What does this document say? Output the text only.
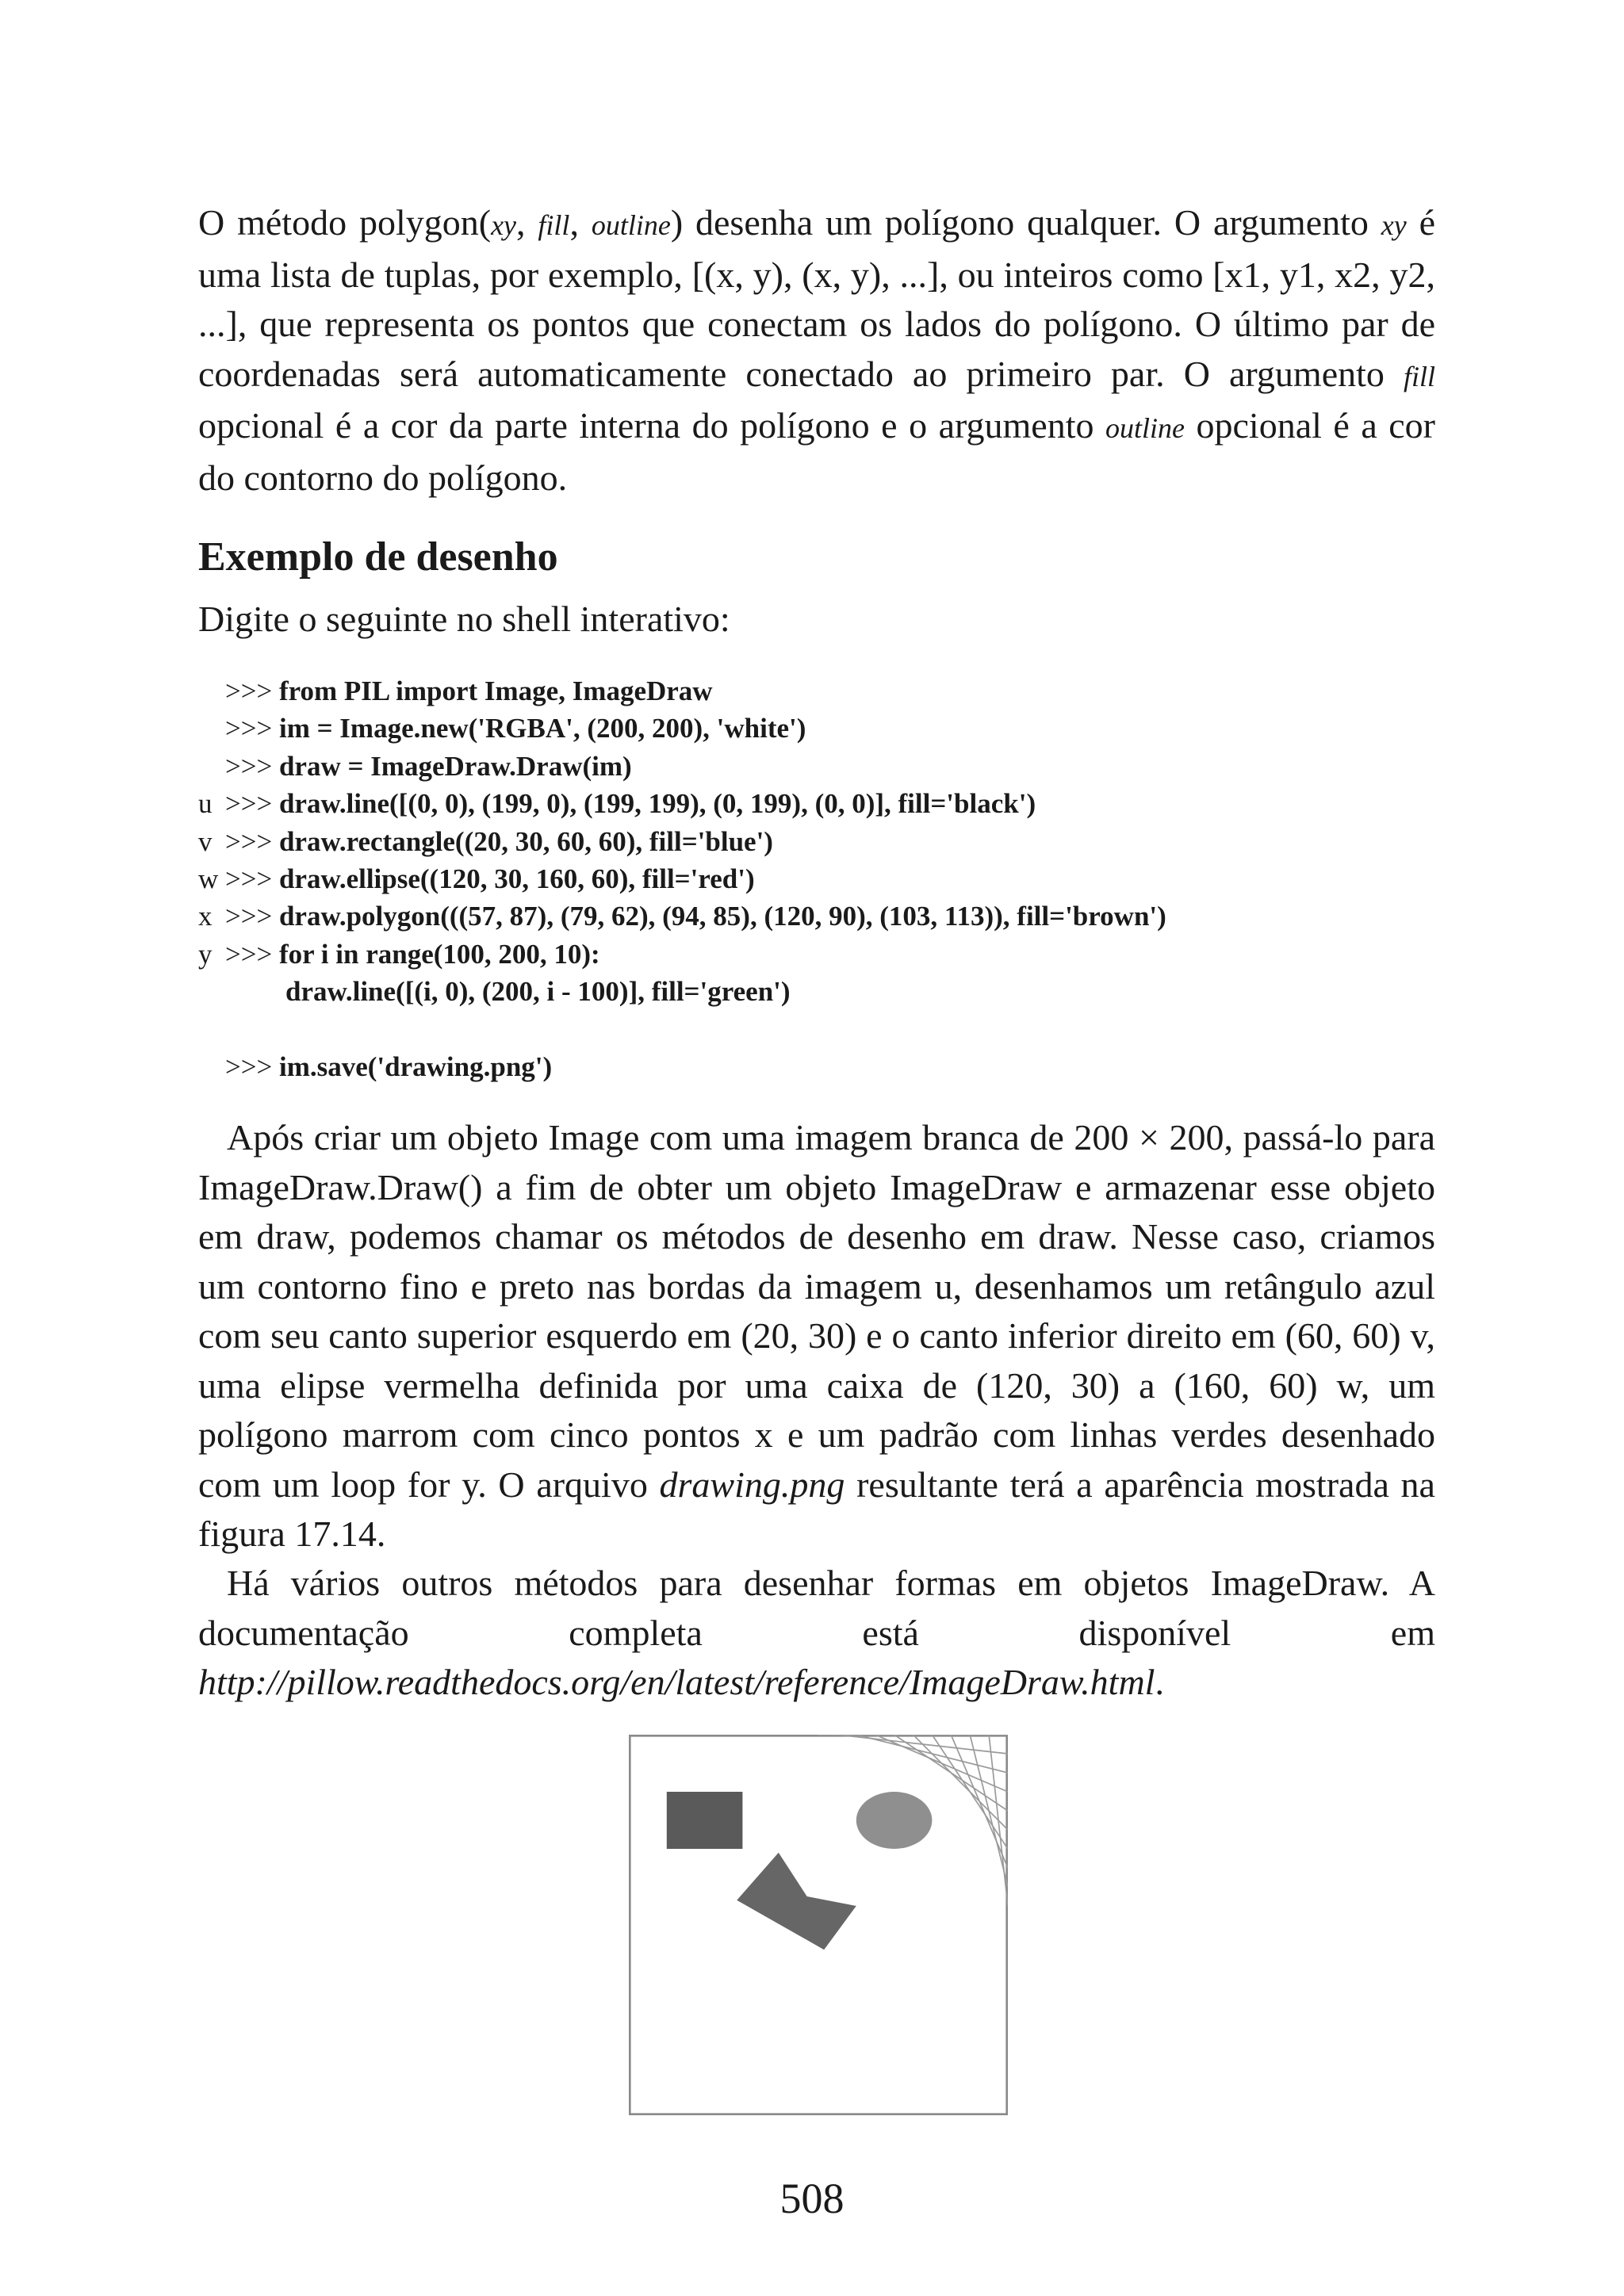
O método polygon(xy, fill, outline) desenha um polígono qualquer. O argumento xy é uma lista de tuplas, por exemplo, [(x, y), (x, y), ...], ou inteiros como [x1, y1, x2, y2, ...], que representa os pontos que conectam os lados do polígono. O último par de coordenadas será automaticamente conectado ao primeiro par. O argumento fill opcional é a cor da parte interna do polígono e o argumento outline opcional é a cor do contorno do polígono.

Exemplo de desenho

Digite o seguinte no shell interativo:

>>> from PIL import Image, ImageDraw
>>> im = Image.new('RGBA', (200, 200), 'white')
>>> draw = ImageDraw.Draw(im)
u >>> draw.line([(0, 0), (199, 0), (199, 199), (0, 199), (0, 0)], fill='black')
v >>> draw.rectangle((20, 30, 60, 60), fill='blue')
w >>> draw.ellipse((120, 30, 160, 60), fill='red')
x >>> draw.polygon(((57, 87), (79, 62), (94, 85), (120, 90), (103, 113)), fill='brown')
y >>> for i in range(100, 200, 10):
draw.line([(i, 0), (200, i - 100)], fill='green')
>>> im.save('drawing.png')

Após criar um objeto Image com uma imagem branca de 200 × 200, passá-lo para ImageDraw.Draw() a fim de obter um objeto ImageDraw e armazenar esse objeto em draw, podemos chamar os métodos de desenho em draw. Nesse caso, criamos um contorno fino e preto nas bordas da imagem u, desenhamos um retângulo azul com seu canto superior esquerdo em (20, 30) e o canto inferior direito em (60, 60) v, uma elipse vermelha definida por uma caixa de (120, 30) a (160, 60) w, um polígono marrom com cinco pontos x e um padrão com linhas verdes desenhado com um loop for y. O arquivo drawing.png resultante terá a aparência mostrada na figura 17.14.

Há vários outros métodos para desenhar formas em objetos ImageDraw. A documentação completa está disponível em http://pillow.readthedocs.org/en/latest/reference/ImageDraw.html.

508
